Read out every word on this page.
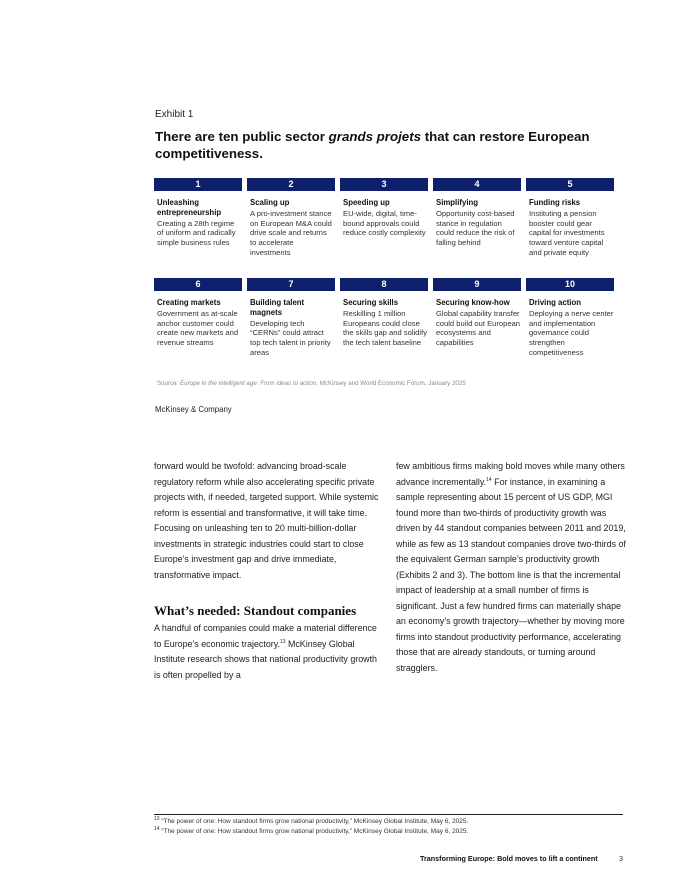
Exhibit 1
There are ten public sector grands projets that can restore European competitiveness.
1
Unleashing entrepreneurship
Creating a 28th regime of uniform and radically simple business rules
2
Scaling up
A pro-investment stance on European M&A could drive scale and returns to accelerate investments
3
Speeding up
EU-wide, digital, time-bound approvals could reduce costly complexity
4
Simplifying
Opportunity cost-based stance in regulation could reduce the risk of falling behind
5
Funding risks
Instituting a pension booster could gear capital for investments toward venture capital and private equity
6
Creating markets
Government as at-scale anchor customer could create new markets and revenue streams
7
Building talent magnets
Developing tech “CERNs” could attract top tech talent in priority areas
8
Securing skills
Reskilling 1 million Europeans could close the skills gap and solidify the tech talent baseline
9
Securing know-how
Global capability transfer could build out European ecosystems and capabilities
10
Driving action
Deploying a nerve center and implementation governance could strengthen competitiveness
Source: Europe in the intelligent age: From ideas to action, McKinsey and World Economic Forum, January 2025
McKinsey & Company

forward would be twofold: advancing broad-scale regulatory reform while also accelerating specific private projects with, if needed, targeted support. While systemic reform is essential and transformative, it will take time. Focusing on unleashing ten to 20 multi-billion-dollar investments in strategic industries could start to close Europe’s investment gap and drive immediate, transformative impact.

What’s needed: Standout companies

A handful of companies could make a material difference to Europe’s economic trajectory.$^{13}$ McKinsey Global Institute research shows that national productivity growth is often propelled by a

few ambitious firms making bold moves while many others advance incrementally.$^{14}$ For instance, in examining a sample representing about 15 percent of US GDP, MGI found more than two-thirds of productivity growth was driven by 44 standout companies between 2011 and 2019, while as few as 13 standout companies drove two-thirds of the equivalent German sample’s productivity growth (Exhibits 2 and 3). The bottom line is that the incremental impact of leadership at a small number of firms is significant. Just a few hundred firms can materially shape an economy’s growth trajectory—whether by moving more firms into standout productivity performance, accelerating those that are already standouts, or turning around stragglers.

$^{13}$ “The power of one: How standout firms grow national productivity,” McKinsey Global Institute, May 6, 2025.
$^{14}$ “The power of one: How standout firms grow national productivity,” McKinsey Global Institute, May 6, 2025.
Transforming Europe: Bold moves to lift a continent	3
